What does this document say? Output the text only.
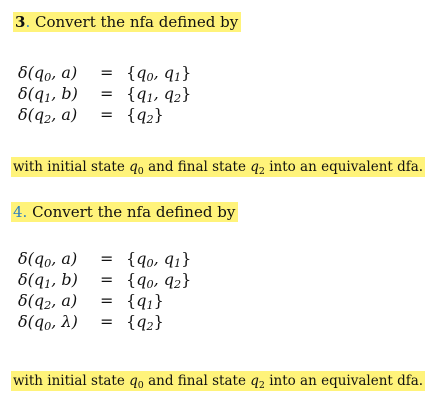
3. Convert the nfa defined by
$\delta(q_0$, $a) = \{q_0$, $q_1$}
$\delta(q_1$, $b) = \{q_1$, $q_2$}
$\delta(q_2$, $a) = \{q_2\}$
with initial state $q_0$ and final state $q_2$ into an equivalent dfa.
4. Convert the nfa defined by
$\delta(q_0$, $a) = \{q_0$, $q_1$}
$\delta(q_1$, $b) = \{q_0$, $q_2$}
$\delta(q_2$, $a) = \{q_1\}$
$\delta(q_0$, $\lambda) = \{q_2\}$
with initial state $q_0$ and final state $q_2$ into an equivalent dfa.
